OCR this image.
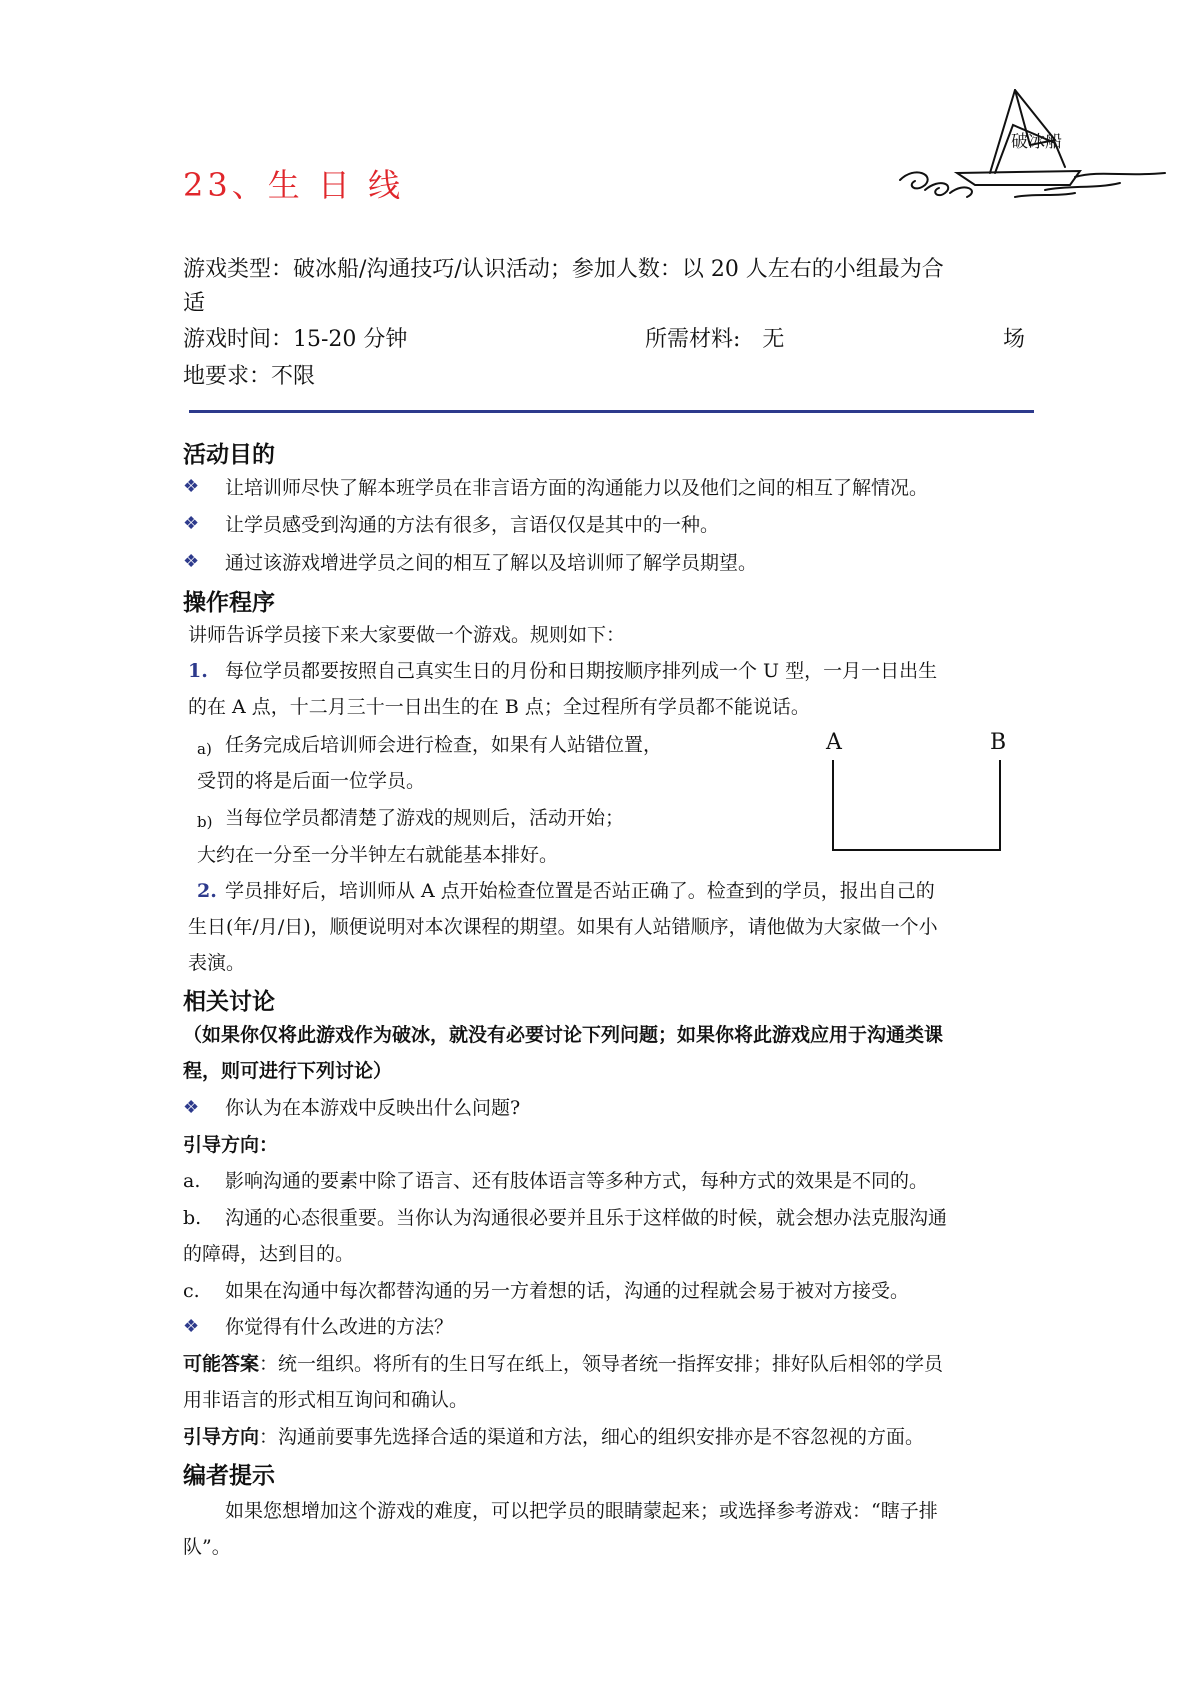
破冰船
23、生 日 线
游戏类型：破冰船/沟通技巧/认识活动；参加人数：以 20 人左右的小组最为合
适
游戏时间：15-20 分钟	所需材料:　无	场
地要求：不限
活动目的
❖ 让培训师尽快了解本班学员在非言语方面的沟通能力以及他们之间的相互了解情况。
❖ 让学员感受到沟通的方法有很多，言语仅仅是其中的一种。
❖ 通过该游戏增进学员之间的相互了解以及培训师了解学员期望。
操作程序
讲师告诉学员接下来大家要做一个游戏。规则如下：
1. 每位学员都要按照自己真实生日的月份和日期按顺序排列成一个 U 型，一月一日出生
的在 A 点，十二月三十一日出生的在 B 点；全过程所有学员都不能说话。
a) 任务完成后培训师会进行检查，如果有人站错位置，
受罚的将是后面一位学员。
b) 当每位学员都清楚了游戏的规则后，活动开始；
大约在一分至一分半钟左右就能基本排好。
A	B
2. 学员排好后，培训师从 A 点开始检查位置是否站正确了。检查到的学员，报出自己的
生日(年/月/日)，顺便说明对本次课程的期望。如果有人站错顺序，请他做为大家做一个小
表演。
相关讨论
（如果你仅将此游戏作为破冰，就没有必要讨论下列问题；如果你将此游戏应用于沟通类课
程，则可进行下列讨论）
❖ 你认为在本游戏中反映出什么问题?
引导方向：
a. 影响沟通的要素中除了语言、还有肢体语言等多种方式，每种方式的效果是不同的。
b. 沟通的心态很重要。当你认为沟通很必要并且乐于这样做的时候，就会想办法克服沟通
的障碍，达到目的。
c. 如果在沟通中每次都替沟通的另一方着想的话，沟通的过程就会易于被对方接受。
❖ 你觉得有什么改进的方法？
可能答案：统一组织。将所有的生日写在纸上，领导者统一指挥安排；排好队后相邻的学员
用非语言的形式相互询问和确认。
引导方向：沟通前要事先选择合适的渠道和方法，细心的组织安排亦是不容忽视的方面。
编者提示
如果您想增加这个游戏的难度，可以把学员的眼睛蒙起来；或选择参考游戏：“瞎子排
队”。
